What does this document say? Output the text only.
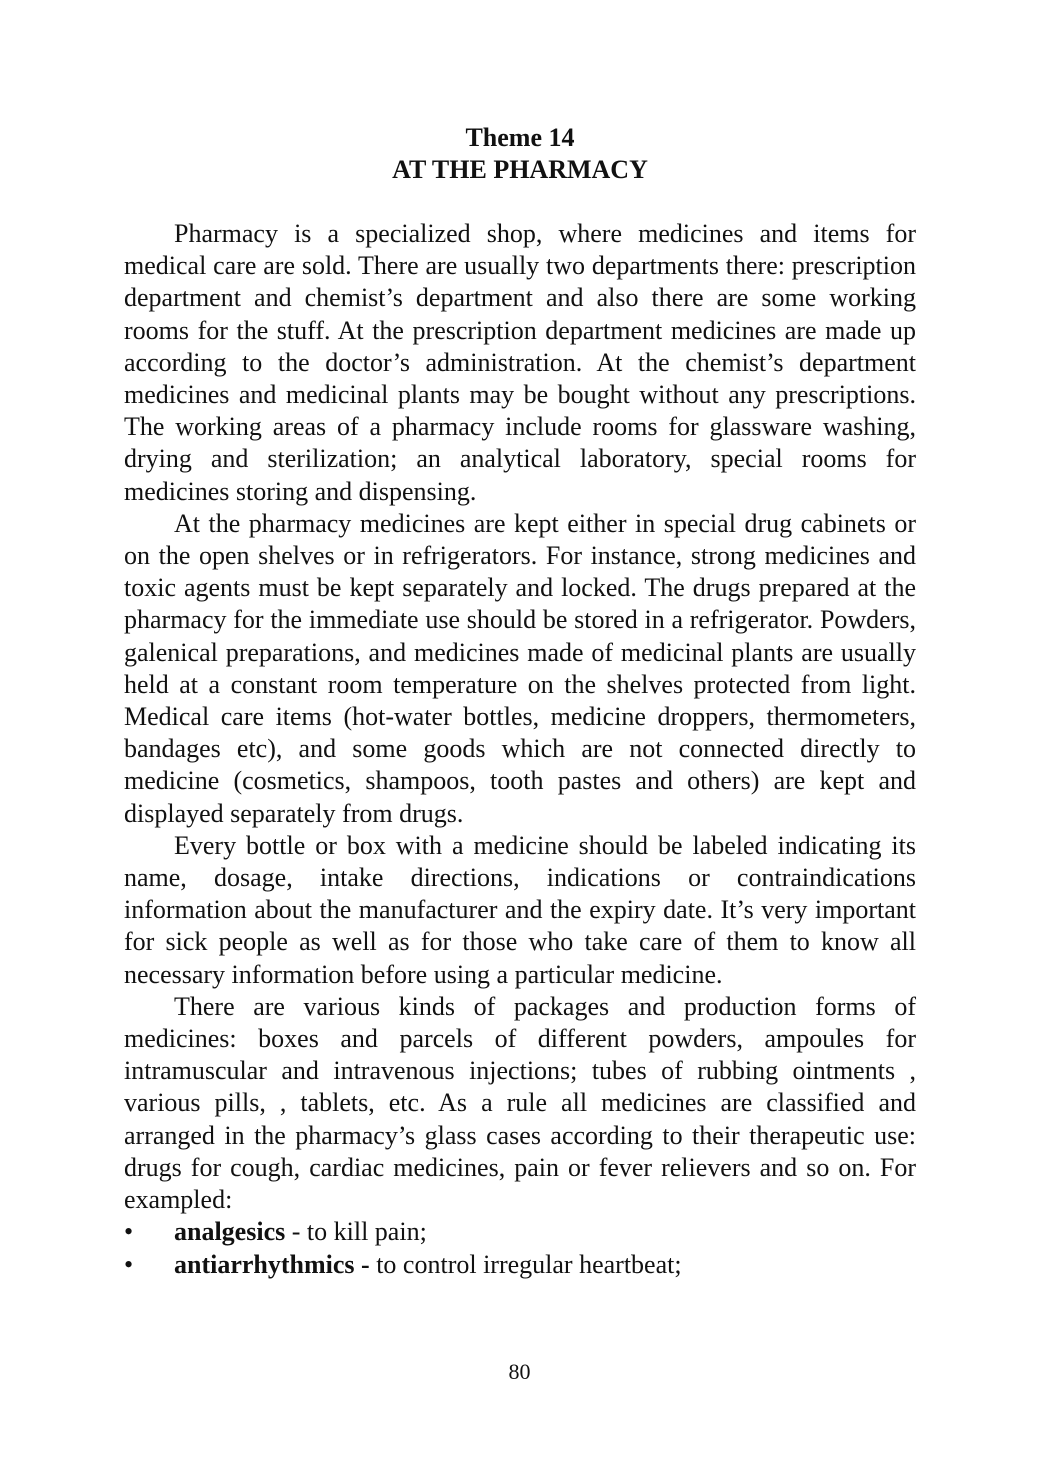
Theme 14
AT THE PHARMACY

Pharmacy is a specialized shop, where medicines and items for medical care are sold. There are usually two departments there: prescription department and chemist’s department and also there are some working rooms for the stuff. At the prescription department medicines are made up according to the doctor’s administration. At the chemist’s department medicines and medicinal plants may be bought without any prescriptions. The working areas of a pharmacy include rooms for glassware washing, drying and sterilization; an analytical laboratory, special rooms for medicines storing and dispensing.

At the pharmacy medicines are kept either in special drug cabinets or on the open shelves or in refrigerators. For instance, strong medicines and toxic agents must be kept separately and locked. The drugs prepared at the pharmacy for the immediate use should be stored in a refrigerator. Powders, galenical preparations, and medicines made of medicinal plants are usually held at a constant room temperature on the shelves protected from light. Medical care items (hot-water bottles, medicine droppers, thermometers, bandages etc), and some goods which are not connected directly to medicine (cosmetics, shampoos, tooth pastes and others) are kept and displayed separately from drugs.

Every bottle or box with a medicine should be labeled indicating its name, dosage, intake directions, indications or contraindications information about the manufacturer and the expiry date. It’s very important for sick people as well as for those who take care of them to know all necessary information before using a particular medicine.

There are various kinds of packages and production forms of medicines: boxes and parcels of different powders, ampoules for intramuscular and intravenous injections; tubes of rubbing ointments , various pills, , tablets, etc. As a rule all medicines are classified and arranged in the pharmacy’s glass cases according to their therapeutic use: drugs for cough, cardiac medicines, pain or fever relievers and so on. For exampled:

• analgesics - to kill pain;
• antiarrhythmics - to control irregular heartbeat;
80
